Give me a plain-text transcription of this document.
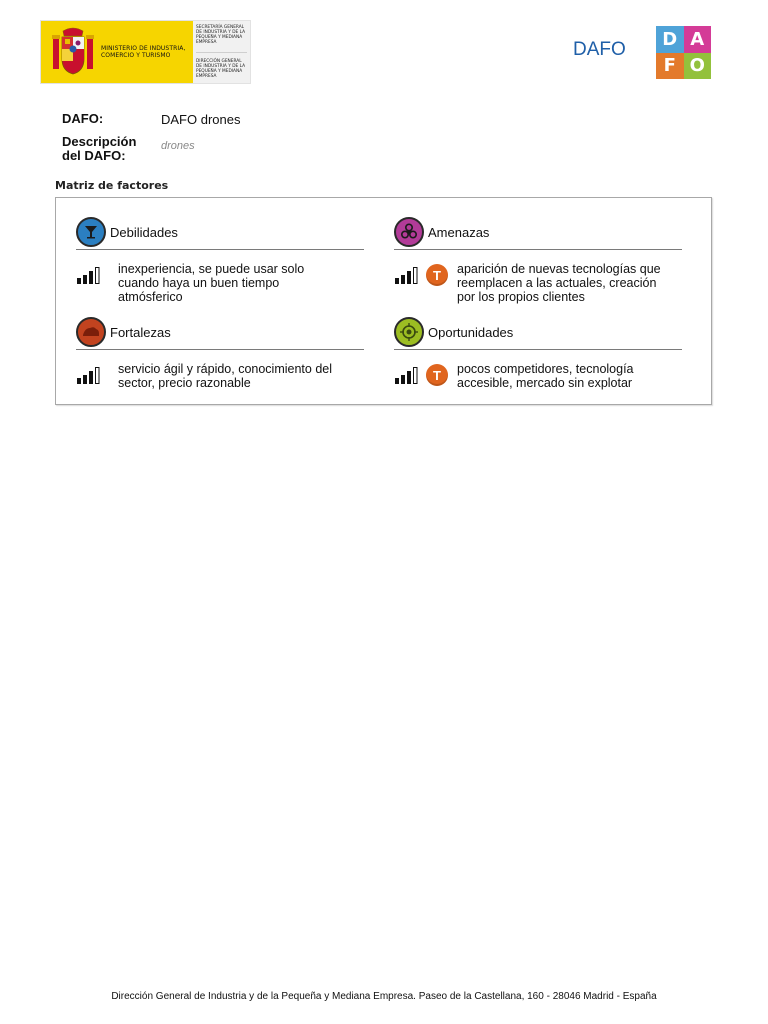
MINISTERIO DE INDUSTRIA, COMERCIO Y TURISMO
SECRETARÍA GENERAL DE INDUSTRIA Y DE LA PEQUEÑA Y MEDIANA EMPRESA
DIRECCIÓN GENERAL DE INDUSTRIA Y DE LA PEQUEÑA Y MEDIANA EMPRESA
DAFO	D A
F O
DAFO:	DAFO drones
Descripción
del DAFO:
drones
Matriz de factores
Debilidades
inexperiencia, se puede usar solo cuando haya un buen tiempo atmósferico
Amenazas
T	aparición de nuevas tecnologías que reemplacen a las actuales, creación por los propios clientes
Fortalezas
servicio ágil y rápido, conocimiento del sector, precio razonable
Oportunidades
T	pocos competidores, tecnología accesible, mercado sin explotar
Dirección General de Industria y de la Pequeña y Mediana Empresa. Paseo de la Castellana, 160 - 28046 Madrid - España
